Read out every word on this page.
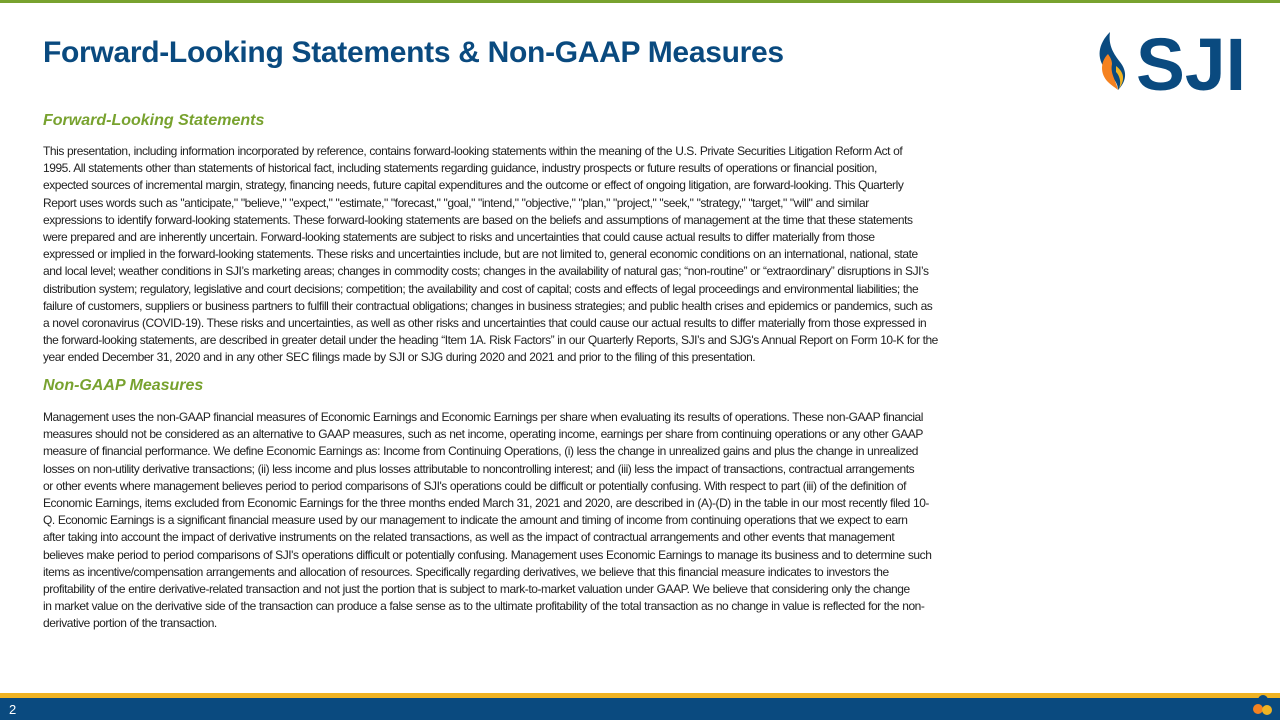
Forward-Looking Statements & Non-GAAP Measures	SJI
Forward-Looking Statements

This presentation, including information incorporated by reference, contains forward-looking statements within the meaning of the U.S. Private Securities Litigation Reform Act of
1995. All statements other than statements of historical fact, including statements regarding guidance, industry prospects or future results of operations or financial position,
expected sources of incremental margin, strategy, financing needs, future capital expenditures and the outcome or effect of ongoing litigation, are forward-looking. This Quarterly
Report uses words such as "anticipate," "believe," "expect," "estimate," "forecast," "goal," "intend," "objective," "plan," "project," "seek," "strategy," "target," "will" and similar
expressions to identify forward-looking statements. These forward-looking statements are based on the beliefs and assumptions of management at the time that these statements
were prepared and are inherently uncertain. Forward-looking statements are subject to risks and uncertainties that could cause actual results to differ materially from those
expressed or implied in the forward-looking statements. These risks and uncertainties include, but are not limited to, general economic conditions on an international, national, state
and local level; weather conditions in SJI’s marketing areas; changes in commodity costs; changes in the availability of natural gas; “non-routine” or “extraordinary” disruptions in SJI’s
distribution system; regulatory, legislative and court decisions; competition; the availability and cost of capital; costs and effects of legal proceedings and environmental liabilities; the
failure of customers, suppliers or business partners to fulfill their contractual obligations; changes in business strategies; and public health crises and epidemics or pandemics, such as
a novel coronavirus (COVID-19). These risks and uncertainties, as well as other risks and uncertainties that could cause our actual results to differ materially from those expressed in
the forward-looking statements, are described in greater detail under the heading “Item 1A. Risk Factors” in our Quarterly Reports, SJI’s and SJG's Annual Report on Form 10-K for the
year ended December 31, 2020 and in any other SEC filings made by SJI or SJG during 2020 and 2021 and prior to the filing of this presentation.

Non-GAAP Measures

Management uses the non-GAAP financial measures of Economic Earnings and Economic Earnings per share when evaluating its results of operations. These non-GAAP financial
measures should not be considered as an alternative to GAAP measures, such as net income, operating income, earnings per share from continuing operations or any other GAAP
measure of financial performance. We define Economic Earnings as: Income from Continuing Operations, (i) less the change in unrealized gains and plus the change in unrealized
losses on non-utility derivative transactions; (ii) less income and plus losses attributable to noncontrolling interest; and (iii) less the impact of transactions, contractual arrangements
or other events where management believes period to period comparisons of SJI's operations could be difficult or potentially confusing. With respect to part (iii) of the definition of
Economic Earnings, items excluded from Economic Earnings for the three months ended March 31, 2021 and 2020, are described in (A)-(D) in the table in our most recently filed 10-
Q. Economic Earnings is a significant financial measure used by our management to indicate the amount and timing of income from continuing operations that we expect to earn
after taking into account the impact of derivative instruments on the related transactions, as well as the impact of contractual arrangements and other events that management
believes make period to period comparisons of SJI's operations difficult or potentially confusing. Management uses Economic Earnings to manage its business and to determine such
items as incentive/compensation arrangements and allocation of resources. Specifically regarding derivatives, we believe that this financial measure indicates to investors the
profitability of the entire derivative-related transaction and not just the portion that is subject to mark-to-market valuation under GAAP. We believe that considering only the change
in market value on the derivative side of the transaction can produce a false sense as to the ultimate profitability of the total transaction as no change in value is reflected for the non-
derivative portion of the transaction.

2
